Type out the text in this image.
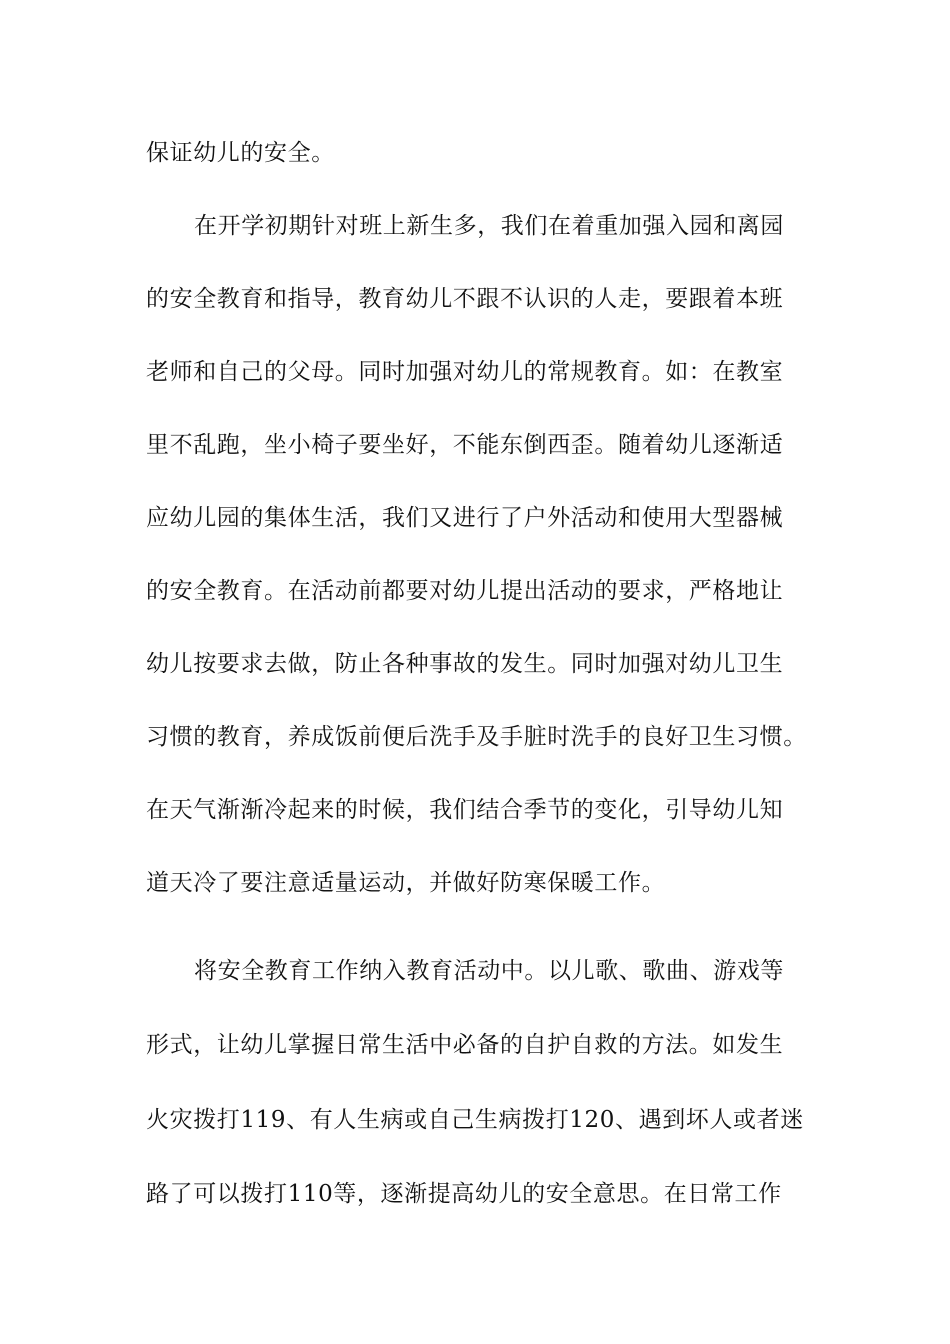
保证幼儿的安全。
在开学初期针对班上新生多，我们在着重加强入园和离园
的安全教育和指导，教育幼儿不跟不认识的人走，要跟着本班
老师和自己的父母。同时加强对幼儿的常规教育。如：在教室
里不乱跑，坐小椅子要坐好，不能东倒西歪。随着幼儿逐渐适
应幼儿园的集体生活，我们又进行了户外活动和使用大型器械
的安全教育。在活动前都要对幼儿提出活动的要求，严格地让
幼儿按要求去做，防止各种事故的发生。同时加强对幼儿卫生
习惯的教育，养成饭前便后洗手及手脏时洗手的良好卫生习惯。
在天气渐渐冷起来的时候，我们结合季节的变化，引导幼儿知
道天冷了要注意适量运动，并做好防寒保暖工作。
将安全教育工作纳入教育活动中。以儿歌、歌曲、游戏等
形式，让幼儿掌握日常生活中必备的自护自救的方法。如发生
火灾拨打119、有人生病或自己生病拨打120、遇到坏人或者迷
路了可以拨打110等，逐渐提高幼儿的安全意思。在日常工作
